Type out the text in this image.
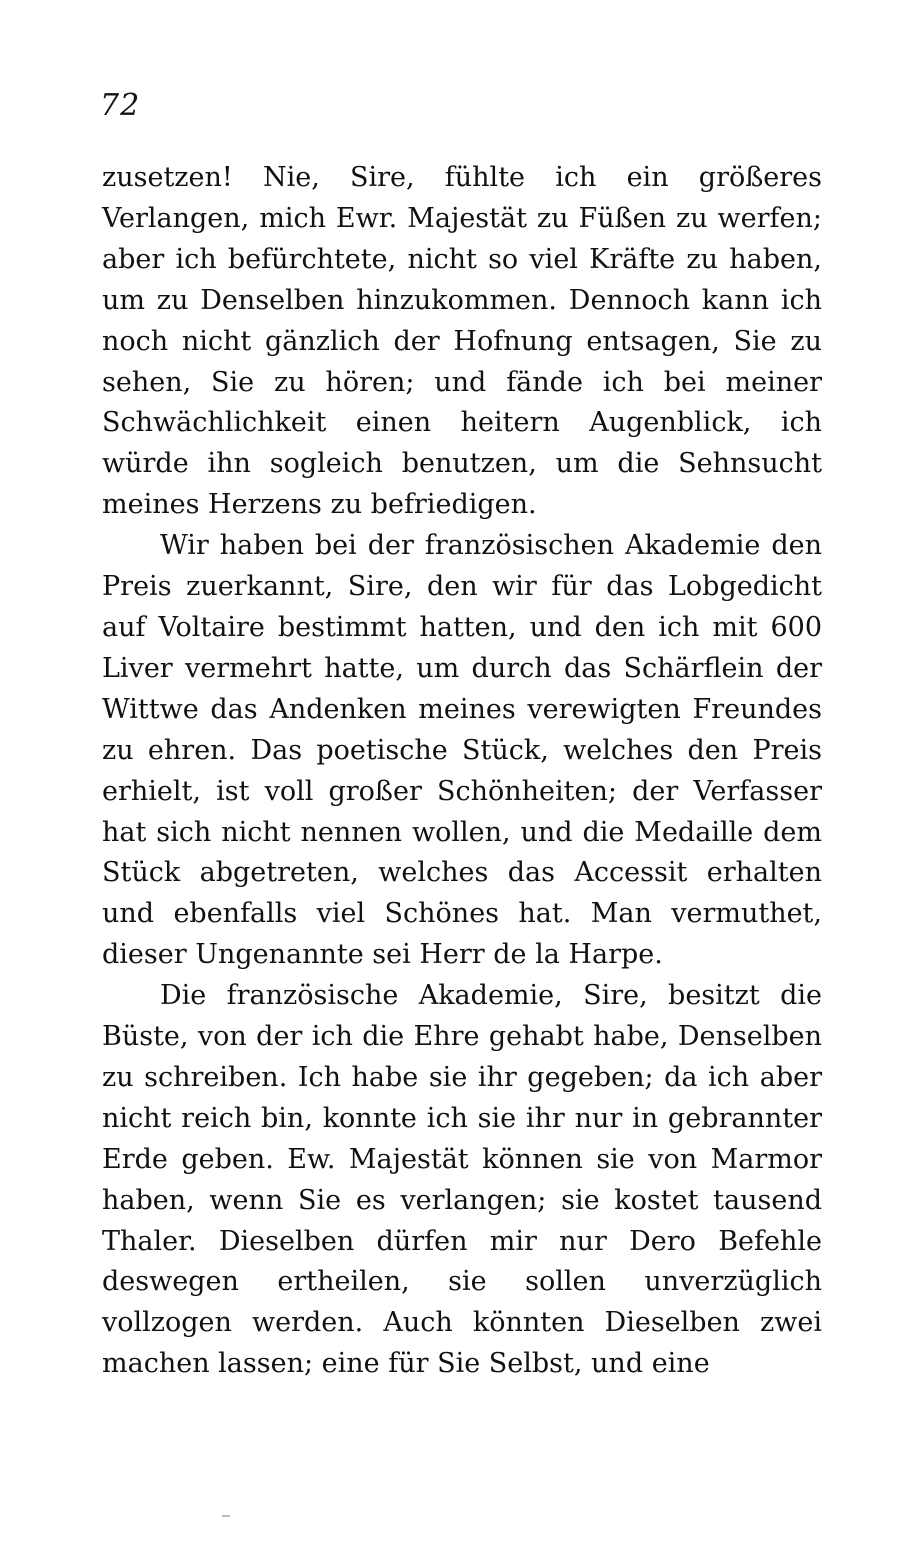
72

zusetzen! Nie, Sire, fühlte ich ein größeres Verlangen, mich Ewr. Majestät zu Füßen zu werfen; aber ich befürchtete, nicht so viel Kräfte zu haben, um zu Denselben hinzukommen. Dennoch kann ich noch nicht gänzlich der Hofnung entsagen, Sie zu sehen, Sie zu hören; und fände ich bei meiner Schwächlichkeit einen heitern Augenblick, ich würde ihn sogleich benutzen, um die Sehnsucht meines Herzens zu befriedigen.

Wir haben bei der französischen Akademie den Preis zuerkannt, Sire, den wir für das Lobgedicht auf Voltaire bestimmt hatten, und den ich mit 600 Liver vermehrt hatte, um durch das Schärflein der Wittwe das Andenken meines verewigten Freundes zu ehren. Das poetische Stück, welches den Preis erhielt, ist voll großer Schönheiten; der Verfasser hat sich nicht nennen wollen, und die Medaille dem Stück abgetreten, welches das Accessit erhalten und ebenfalls viel Schönes hat. Man vermuthet, dieser Ungenannte sei Herr de la Harpe.

Die französische Akademie, Sire, besitzt die Büste, von der ich die Ehre gehabt habe, Denselben zu schreiben. Ich habe sie ihr gegeben; da ich aber nicht reich bin, konnte ich sie ihr nur in gebrannter Erde geben. Ew. Majestät können sie von Marmor haben, wenn Sie es verlangen; sie kostet tausend Thaler. Dieselben dürfen mir nur Dero Befehle deswegen ertheilen, sie sollen unverzüglich vollzogen werden. Auch könnten Dieselben zwei machen lassen; eine für Sie Selbst, und eine
